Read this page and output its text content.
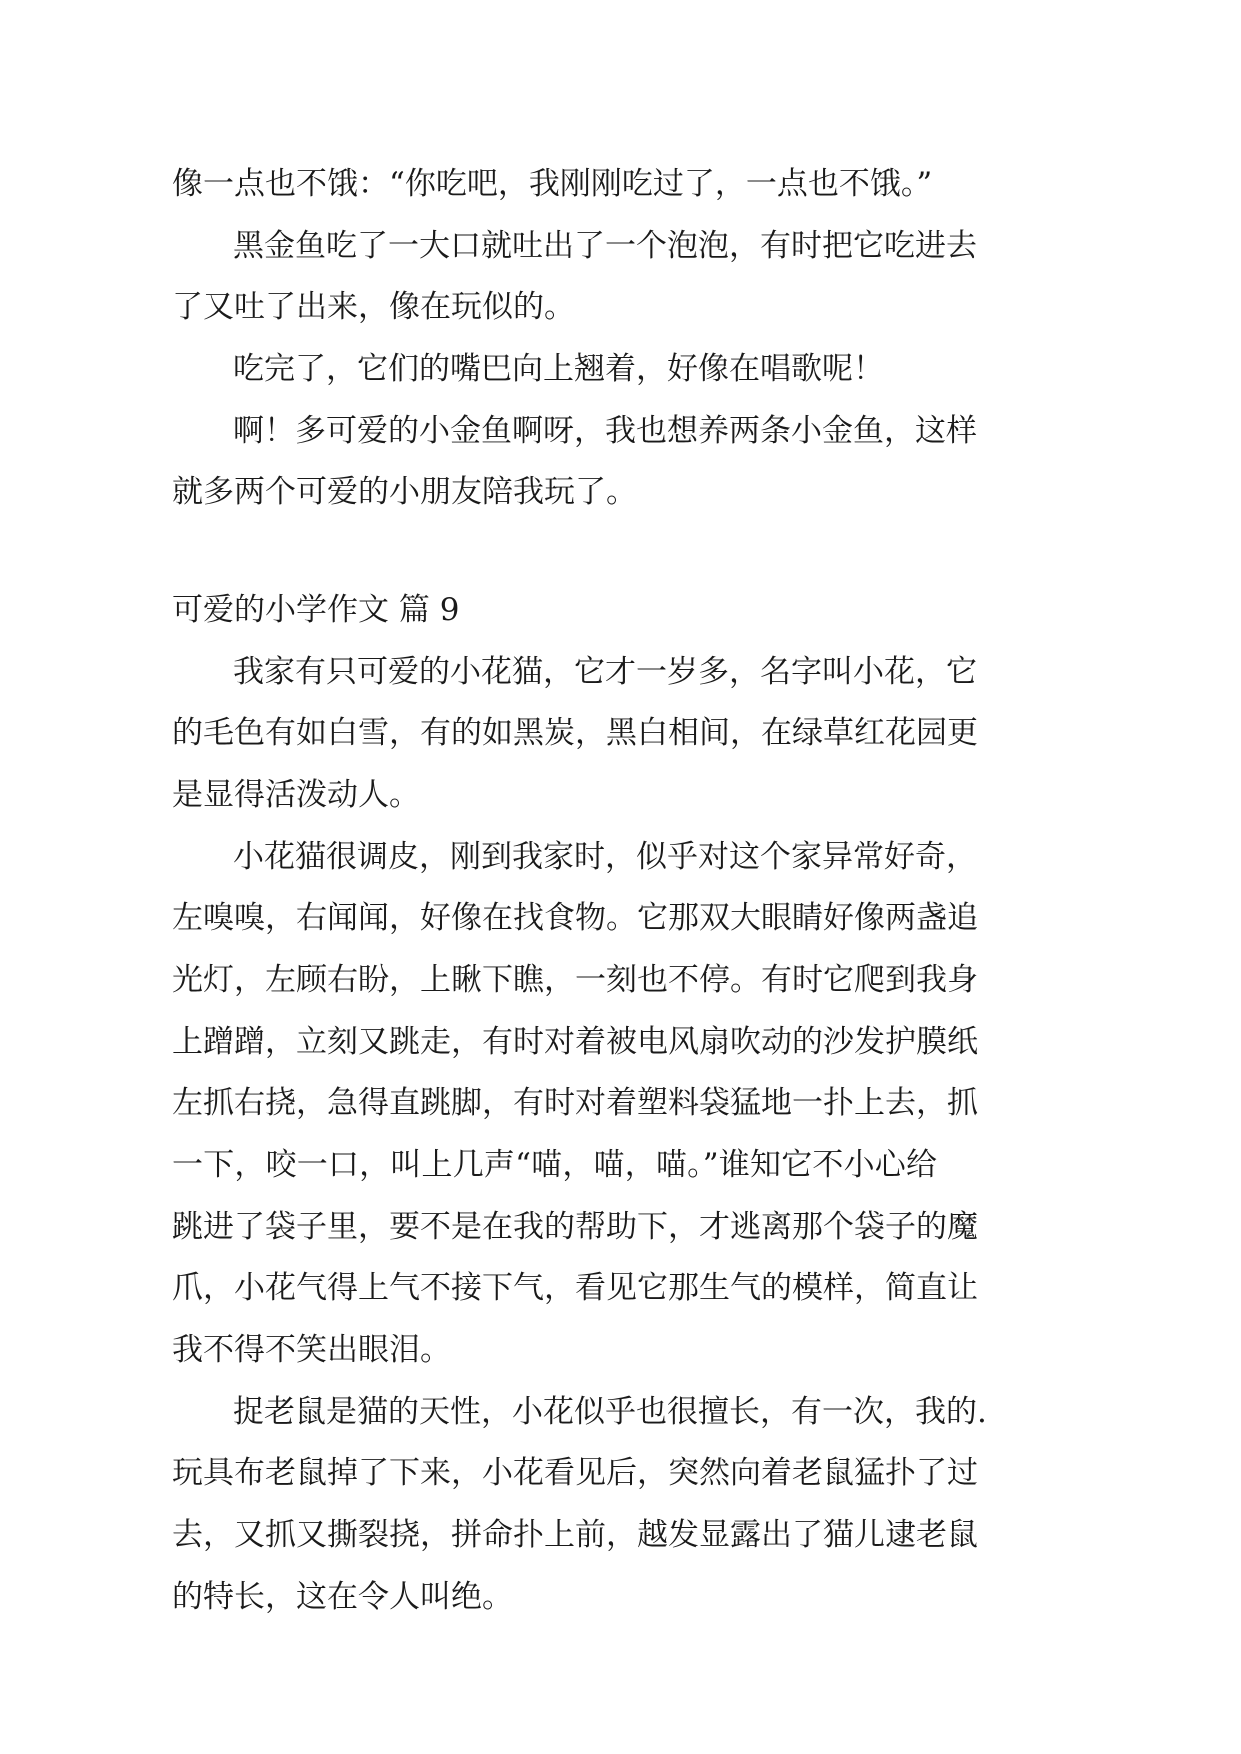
像一点也不饿：“你吃吧，我刚刚吃过了，一点也不饿。”
黑金鱼吃了一大口就吐出了一个泡泡，有时把它吃进去
了又吐了出来，像在玩似的。
吃完了，它们的嘴巴向上翘着，好像在唱歌呢！
啊！多可爱的小金鱼啊呀，我也想养两条小金鱼，这样
就多两个可爱的小朋友陪我玩了。
可爱的小学作文 篇 9
我家有只可爱的小花猫，它才一岁多，名字叫小花，它
的毛色有如白雪，有的如黑炭，黑白相间，在绿草红花园更
是显得活泼动人。
小花猫很调皮，刚到我家时，似乎对这个家异常好奇，
左嗅嗅，右闻闻，好像在找食物。它那双大眼睛好像两盏追
光灯，左顾右盼，上瞅下瞧，一刻也不停。有时它爬到我身
上蹭蹭，立刻又跳走，有时对着被电风扇吹动的沙发护膜纸
左抓右挠，急得直跳脚，有时对着塑料袋猛地一扑上去，抓
一下，咬一口，叫上几声“喵，喵，喵。”谁知它不小心给
跳进了袋子里，要不是在我的帮助下，才逃离那个袋子的魔
爪，小花气得上气不接下气，看见它那生气的模样，简直让
我不得不笑出眼泪。
捉老鼠是猫的天性，小花似乎也很擅长，有一次，我的.
玩具布老鼠掉了下来，小花看见后，突然向着老鼠猛扑了过
去，又抓又撕裂挠，拼命扑上前，越发显露出了猫儿逮老鼠
的特长，这在令人叫绝。
